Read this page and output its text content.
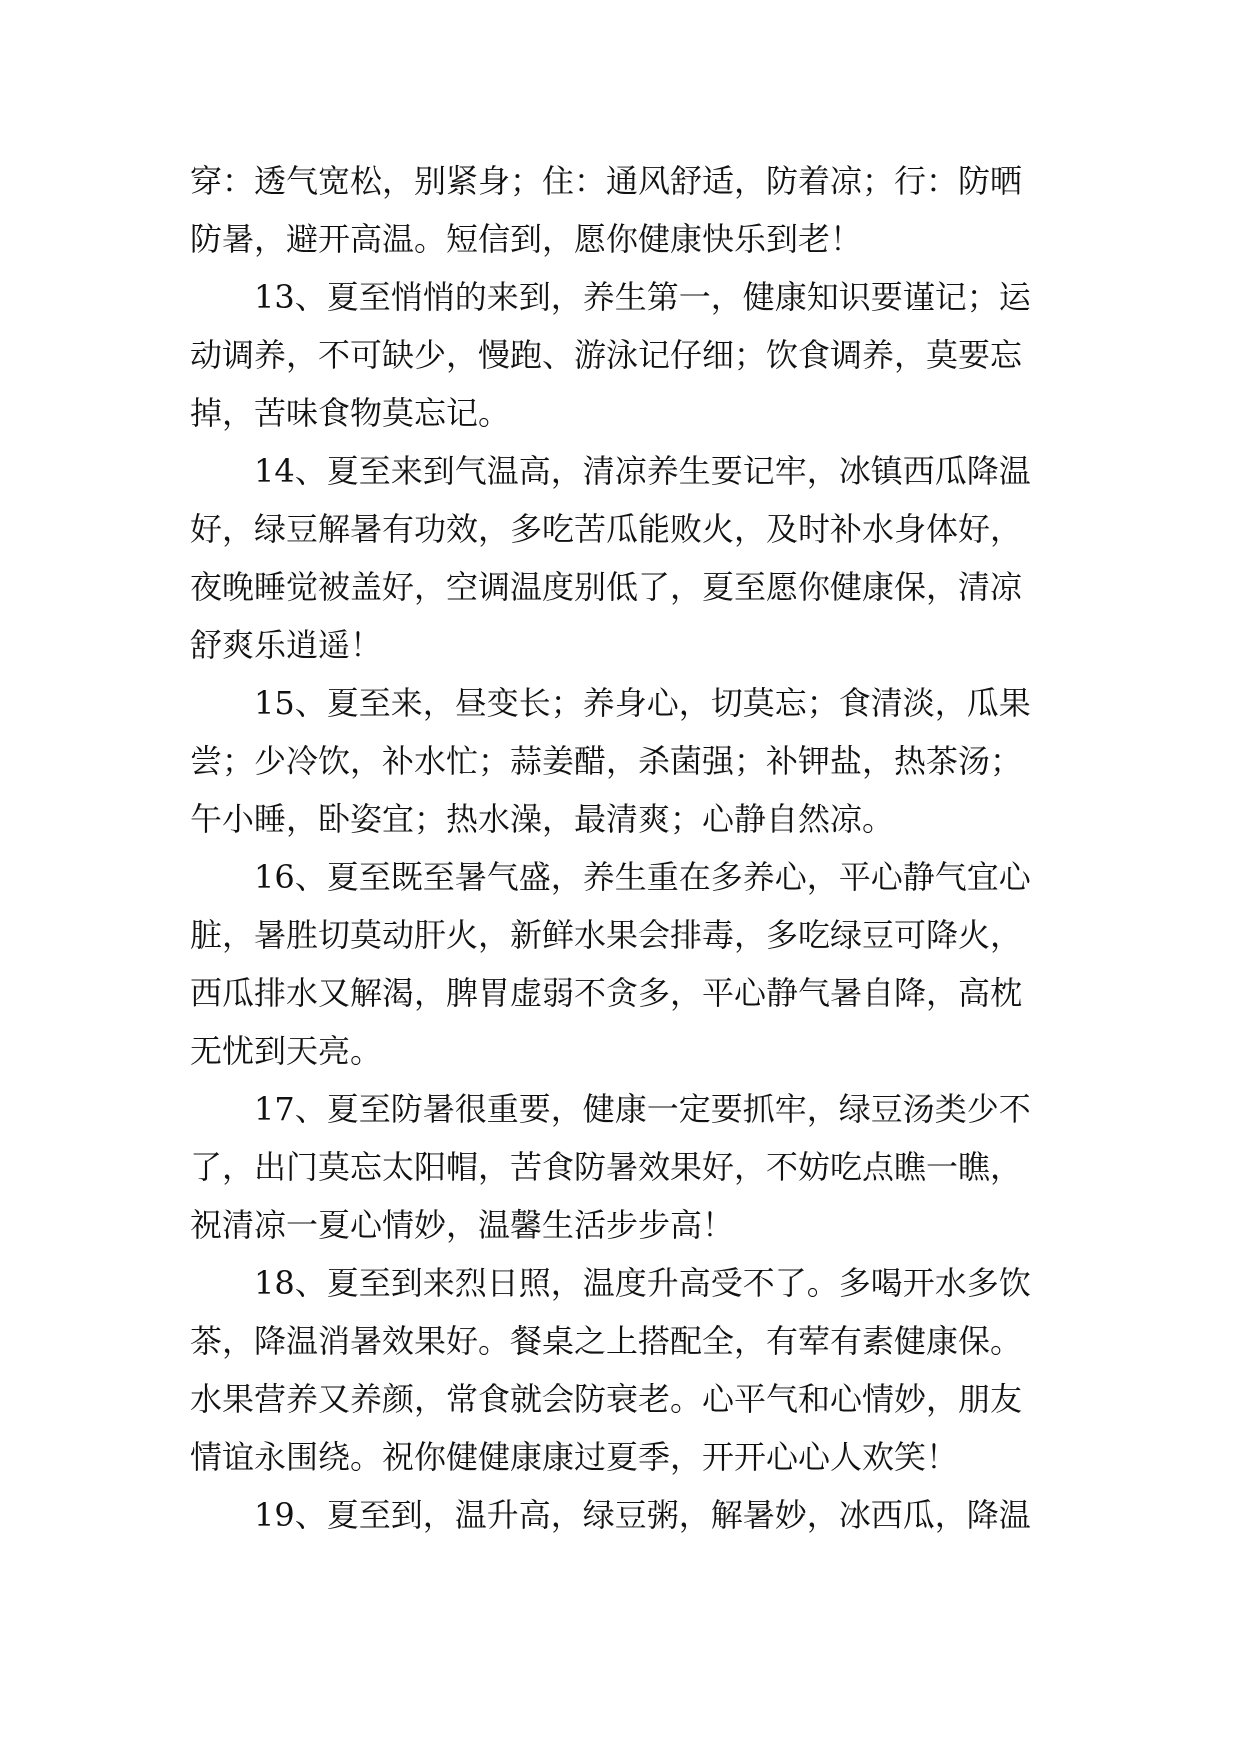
穿：透气宽松，别紧身；住：通风舒适，防着凉；行：防晒
防暑，避开高温。短信到，愿你健康快乐到老！
13、夏至悄悄的来到，养生第一，健康知识要谨记；运
动调养，不可缺少，慢跑、游泳记仔细；饮食调养，莫要忘
掉，苦味食物莫忘记。
14、夏至来到气温高，清凉养生要记牢，冰镇西瓜降温
好，绿豆解暑有功效，多吃苦瓜能败火，及时补水身体好，
夜晚睡觉被盖好，空调温度别低了，夏至愿你健康保，清凉
舒爽乐逍遥！
15、夏至来，昼变长；养身心，切莫忘；食清淡，瓜果
尝；少冷饮，补水忙；蒜姜醋，杀菌强；补钾盐，热茶汤；
午小睡，卧姿宜；热水澡，最清爽；心静自然凉。
16、夏至既至暑气盛，养生重在多养心，平心静气宜心
脏，暑胜切莫动肝火，新鲜水果会排毒，多吃绿豆可降火，
西瓜排水又解渴，脾胃虚弱不贪多，平心静气暑自降，高枕
无忧到天亮。
17、夏至防暑很重要，健康一定要抓牢，绿豆汤类少不
了，出门莫忘太阳帽，苦食防暑效果好，不妨吃点瞧一瞧，
祝清凉一夏心情妙，温馨生活步步高！
18、夏至到来烈日照，温度升高受不了。多喝开水多饮
茶，降温消暑效果好。餐桌之上搭配全，有荤有素健康保。
水果营养又养颜，常食就会防衰老。心平气和心情妙，朋友
情谊永围绕。祝你健健康康过夏季，开开心心人欢笑！
19、夏至到，温升高，绿豆粥，解暑妙，冰西瓜，降温
